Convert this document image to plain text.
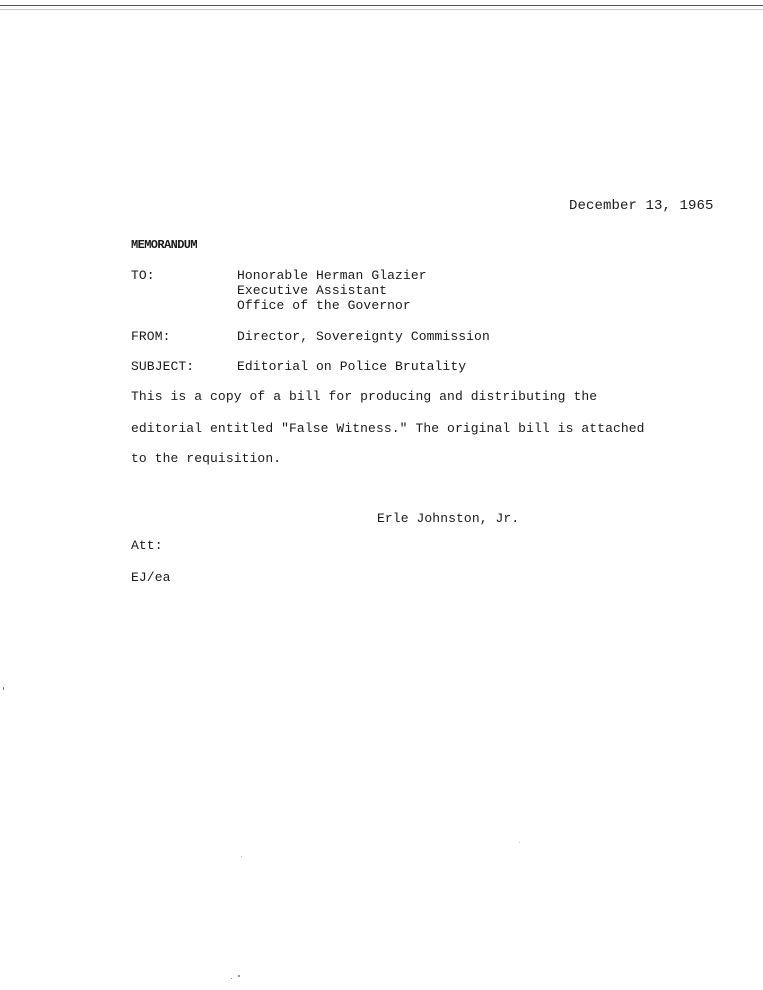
December 13, 1965
MEMORANDUM
TO:	Honorable Herman Glazier
Executive Assistant
Office of the Governor
FROM:	Director, Sovereignty Commission
SUBJECT:	Editorial on Police Brutality
This is a copy of a bill for producing and distributing the
editorial entitled "False Witness." The original bill is attached
to the requisition.
Erle Johnston, Jr.
Att:
EJ/ea
